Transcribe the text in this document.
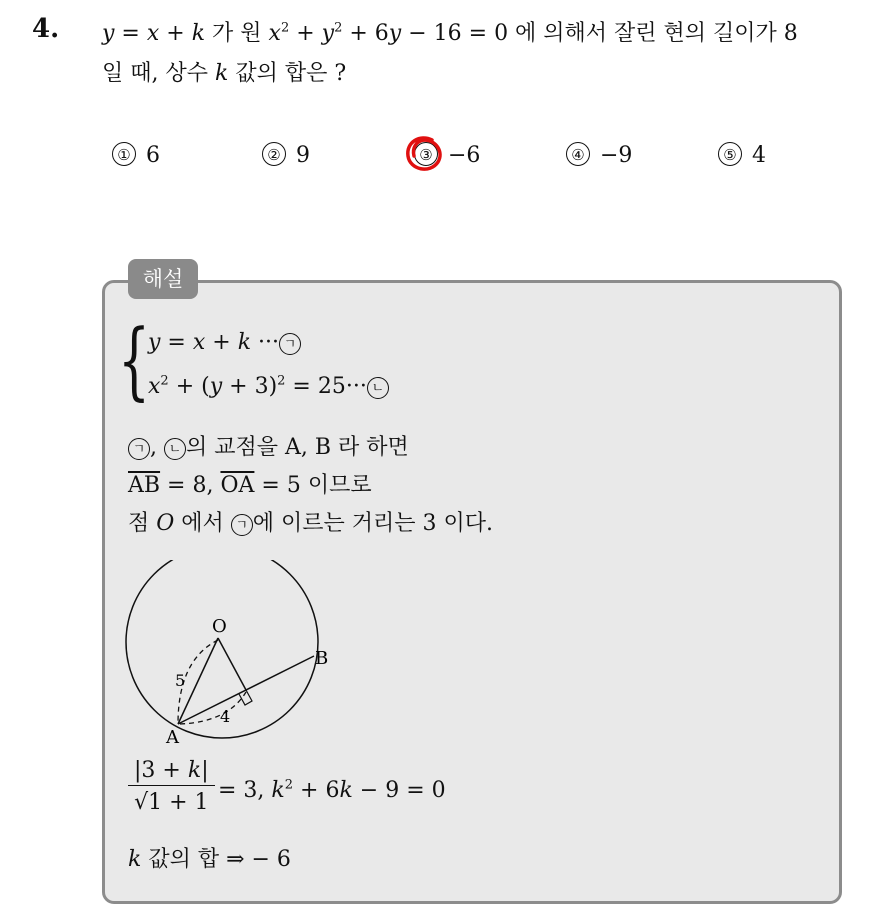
4. y = x + k 가 원 $x^2 + y^2 + 6y - 16 = 0$ 에 의해서 잘린 현의 길이가 8
일 때, 상수 k 값의 합은 ?
① 6	② 9	③ −6	④ −9	⑤ 4
해설
{
y = x + k ··· ㄱ
$x^2 + (y + 3)^2 = 25\cdot\cdot\cdot$ ㄴ
ㄱ , ㄴ 의 교점을 A, B 라 하면
$\overline{AB} = 8$, $\overline{OA} = 5$ 이므로
점 O 에서 ㄱ 에 이르는 거리는 3 이다.
O
A
B
5
4
$\frac{|3 + k|}{√1 + 1} = 3$, $k^2 + 6k - 9 = 0$
k 값의 합 ⇒ − 6
